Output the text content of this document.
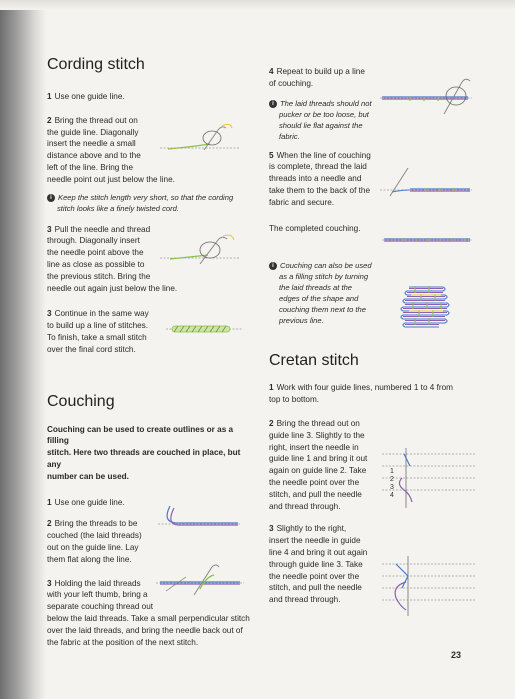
Cording stitch

1 Use one guide line.

2 Bring the thread out on
the guide line. Diagonally
insert the needle a small
distance above and to the
left of the line. Bring the
needle point out just below the line.

i Keep the stitch length very short, so that the cording
stitch looks like a finely twisted cord.

3 Pull the needle and thread
through. Diagonally insert
the needle point above the
line as close as possible to
the previous stitch. Bring the
needle out again just below the line.

3 Continue in the same way
to build up a line of stitches.
To finish, take a small stitch
over the final cord stitch.

Couching

Couching can be used to create outlines or as a filling
stitch. Here two threads are couched in place, but any
number can be used.

1 Use one guide line.

2 Bring the threads to be
couched (the laid threads)
out on the guide line. Lay
them flat along the line.

3 Holding the laid threads
with your left thumb, bring a
separate couching thread out
below the laid threads. Take a small perpendicular stitch
over the laid threads, and bring the needle back out of
the fabric at the position of the next stitch.

4 Repeat to build up a line
of couching.

i The laid threads should not
pucker or be too loose, but
should lie flat against the
fabric.

5 When the line of couching
is complete, thread the laid
threads into a needle and
take them to the back of the
fabric and secure.

The completed couching.

i Couching can also be used
as a filling stitch by turning
the laid threads at the
edges of the shape and
couching them next to the
previous line.

Cretan stitch

1 Work with four guide lines, numbered 1 to 4 from
top to bottom.

2 Bring the thread out on
guide line 3. Slightly to the
right, insert the needle in
guide line 1 and bring it out
again on guide line 2. Take
the needle point over the
stitch, and pull the needle
and thread through.

3 Slightly to the right,
insert the needle in guide
line 4 and bring it out again
through guide line 3. Take
the needle point over the
stitch, and pull the needle
and thread through.

1
2
3
4
23
